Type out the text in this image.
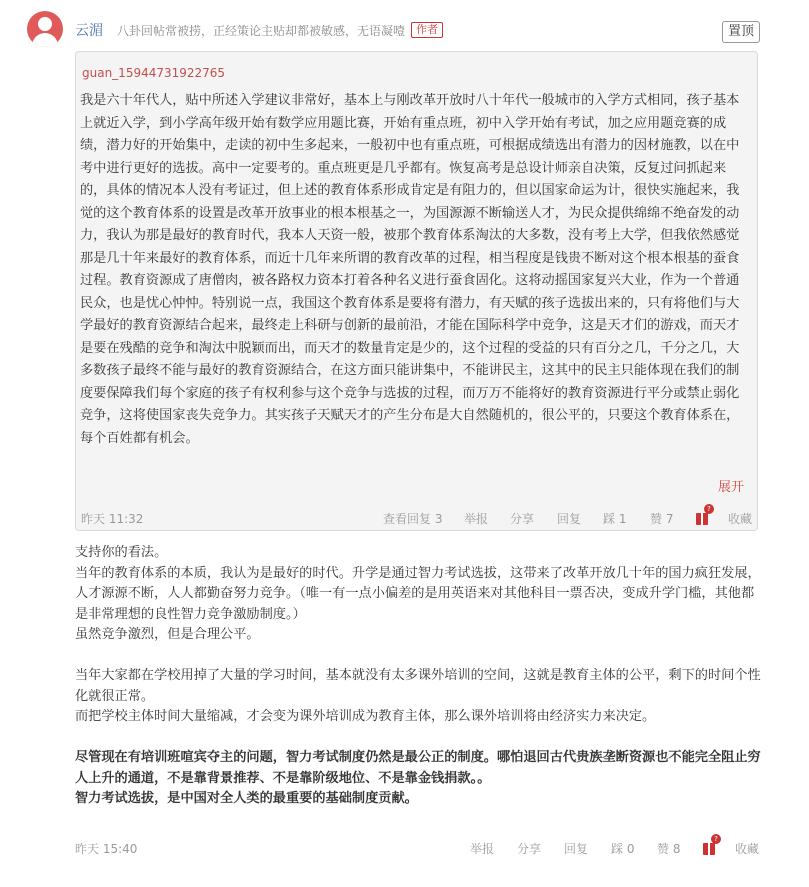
云湄 八卦回帖常被捞，正经策论主贴却都被敏感，无语凝噎	作者	置顶
guan_15944731922765
我是六十年代人，贴中所述入学建议非常好，基本上与刚改革开放时八十年代一般城市的入学方式相同，孩子基本上就近入学，到小学高年级开始有数学应用题比赛，开始有重点班，初中入学开始有考试，加之应用题竞赛的成绩，潜力好的开始集中，走读的初中生多起来，一般初中也有重点班，可根据成绩选出有潜力的因材施教，以在中考中进行更好的选拔。高中一定要考的。重点班更是几乎都有。恢复高考是总设计师亲自决策，反复过问抓起来的，具体的情况本人没有考证过，但上述的教育体系形成肯定是有阻力的，但以国家命运为计，很快实施起来，我觉的这个教育体系的设置是改革开放事业的根本根基之一，为国源源不断输送人才，为民众提供绵绵不绝奋发的动力，我认为那是最好的教育时代，我本人天资一般，被那个教育体系淘汰的大多数，没有考上大学，但我依然感觉那是几十年来最好的教育体系，而近十几年来所谓的教育改革的过程，相当程度是钱贵不断对这个根本根基的蚕食过程。教育资源成了唐僧肉，被各路权力资本打着各种名义进行蚕食固化。这将动摇国家复兴大业，作为一个普通民众，也是忧心忡忡。特别说一点，我国这个教育体系是要将有潜力，有天赋的孩子选拔出来的，只有将他们与大学最好的教育资源结合起来，最终走上科研与创新的最前沿，才能在国际科学中竞争，这是天才们的游戏，而天才是要在残酷的竞争和淘汰中脱颖而出，而天才的数量肯定是少的，这个过程的受益的只有百分之几，千分之几，大多数孩子最终不能与最好的教育资源结合，在这方面只能讲集中，不能讲民主，这其中的民主只能体现在我们的制度要保障我们每个家庭的孩子有权利参与这个竞争与选拔的过程，而万万不能将好的教育资源进行平分或禁止弱化竞争，这将使国家丧失竞争力。其实孩子天赋天才的产生分布是大自然随机的，很公平的，只要这个教育体系在，每个百姓都有机会。
展开
昨天 11:32	查看回复 3 举报 分享 回复 踩 1 赞 7
?
收藏

支持你的看法。

当年的教育体系的本质，我认为是最好的时代。升学是通过智力考试选拔，这带来了改革开放几十年的国力疯狂发展，人才源源不断，人人都勤奋努力竞争。（唯一有一点小偏差的是用英语来对其他科目一票否决，变成升学门槛，其他都是非常理想的良性智力竞争激励制度。）

虽然竞争激烈，但是合理公平。

当年大家都在学校用掉了大量的学习时间，基本就没有太多课外培训的空间，这就是教育主体的公平，剩下的时间个性化就很正常。

而把学校主体时间大量缩减，才会变为课外培训成为教育主体，那么课外培训将由经济实力来决定。

尽管现在有培训班喧宾夺主的问题，智力考试制度仍然是最公正的制度。哪怕退回古代贵族垄断资源也不能完全阻止穷人上升的通道，不是靠背景推荐、不是靠阶级地位、不是靠金钱捐款。。

智力考试选拔，是中国对全人类的最重要的基础制度贡献。

昨天 15:40	举报 分享 回复 踩 0 赞 8
?
收藏
